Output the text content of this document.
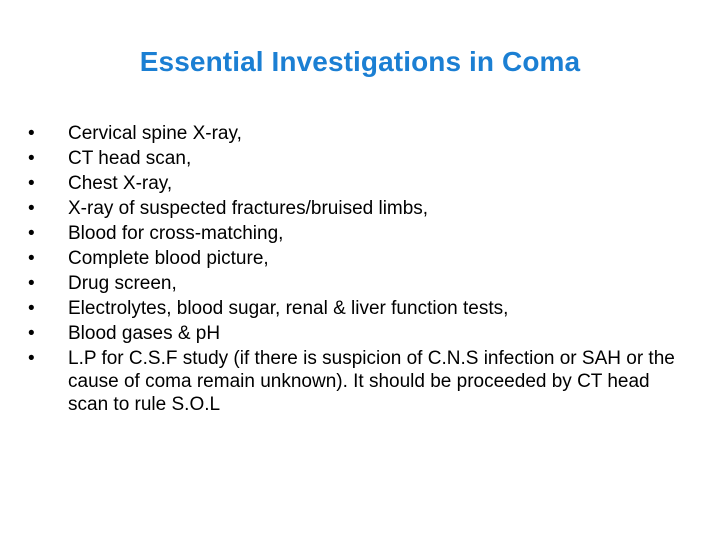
Essential Investigations in Coma
• Cervical spine X-ray,
• CT head scan,
• Chest X-ray,
• X-ray of suspected fractures/bruised limbs,
• Blood for cross-matching,
• Complete blood picture,
• Drug screen,
• Electrolytes, blood sugar, renal & liver function tests,
• Blood gases & pH
• L.P for C.S.F study (if there is suspicion of C.N.S infection or SAH or the cause of coma remain unknown). It should be proceeded by CT head scan to rule S.O.L
